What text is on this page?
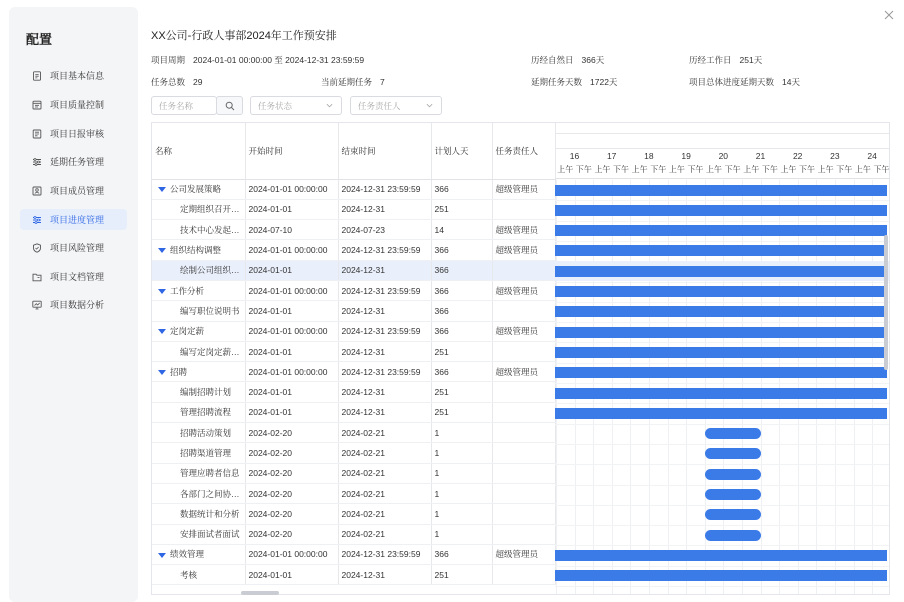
配置
项目基本信息
项目质量控制
项目日报审核
延期任务管理
项目成员管理
项目进度管理
项目风险管理
项目文档管理
项目数据分析
XX公司-行政人事部2024年工作预安排
项目周期 2024-01-01 00:00:00 至 2024-12-31 23:59:59	历经自然日 366天	历经工作日 251天
任务总数 29	当前延期任务 7	延期任务天数 1722天	项目总体进度延期天数 14天
任务名称	任务状态	任务责任人
名称	开始时间	结束时间	计划人天	任务责任人
公司发展策略	2024-01-01 00:00:00	2024-12-31 23:59:59	366	超级管理员
定期组织召开…	2024-01-01	2024-12-31	251	
技术中心发起…	2024-07-10	2024-07-23	14	超级管理员
组织结构调整	2024-01-01 00:00:00	2024-12-31 23:59:59	366	超级管理员
绘制公司组织…	2024-01-01	2024-12-31	366	
工作分析	2024-01-01 00:00:00	2024-12-31 23:59:59	366	超级管理员
编写职位说明书	2024-01-01	2024-12-31	366	
定岗定薪	2024-01-01 00:00:00	2024-12-31 23:59:59	366	超级管理员
编写定岗定薪…	2024-01-01	2024-12-31	251	
招聘	2024-01-01 00:00:00	2024-12-31 23:59:59	366	超级管理员
编制招聘计划	2024-01-01	2024-12-31	251	
管理招聘流程	2024-01-01	2024-12-31	251	
招聘活动策划	2024-02-20	2024-02-21	1	
招聘渠道管理	2024-02-20	2024-02-21	1	
管理应聘者信息	2024-02-20	2024-02-21	1	
各部门之间协…	2024-02-20	2024-02-21	1	
数据统计和分析	2024-02-20	2024-02-21	1	
安排面试者面试	2024-02-20	2024-02-21	1	
绩效管理	2024-01-01 00:00:00	2024-12-31 23:59:59	366	超级管理员
考核	2024-01-01	2024-12-31	251	
16
上午 下午
17
上午 下午
18
上午 下午
19
上午 下午
20
上午 下午
21
上午 下午
22
上午 下午
23
上午 下午
24
上午 下午
